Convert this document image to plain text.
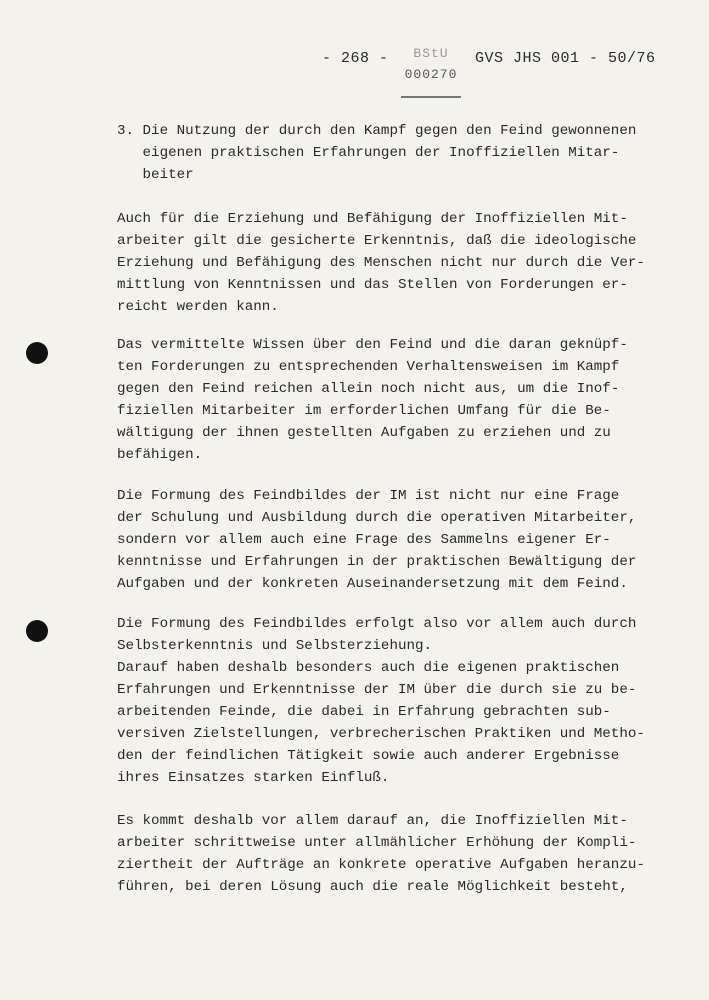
- 268 -	GVS JHS 001 - 50/76
BStU
000270
3. Die Nutzung der durch den Kampf gegen den Feind gewonnenen
eigenen praktischen Erfahrungen der Inoffiziellen Mitar-
beiter
Auch für die Erziehung und Befähigung der Inoffiziellen Mit-
arbeiter gilt die gesicherte Erkenntnis, daß die ideologische
Erziehung und Befähigung des Menschen nicht nur durch die Ver-
mittlung von Kenntnissen und das Stellen von Forderungen er-
reicht werden kann.
Das vermittelte Wissen über den Feind und die daran geknüpf-
ten Forderungen zu entsprechenden Verhaltensweisen im Kampf
gegen den Feind reichen allein noch nicht aus, um die Inof-
fiziellen Mitarbeiter im erforderlichen Umfang für die Be-
wältigung der ihnen gestellten Aufgaben zu erziehen und zu
befähigen.
Die Formung des Feindbildes der IM ist nicht nur eine Frage
der Schulung und Ausbildung durch die operativen Mitarbeiter,
sondern vor allem auch eine Frage des Sammelns eigener Er-
kenntnisse und Erfahrungen in der praktischen Bewältigung der
Aufgaben und der konkreten Auseinandersetzung mit dem Feind.
Die Formung des Feindbildes erfolgt also vor allem auch durch
Selbsterkenntnis und Selbsterziehung.
Darauf haben deshalb besonders auch die eigenen praktischen
Erfahrungen und Erkenntnisse der IM über die durch sie zu be-
arbeitenden Feinde, die dabei in Erfahrung gebrachten sub-
versiven Zielstellungen, verbrecherischen Praktiken und Metho-
den der feindlichen Tätigkeit sowie auch anderer Ergebnisse
ihres Einsatzes starken Einfluß.
Es kommt deshalb vor allem darauf an, die Inoffiziellen Mit-
arbeiter schrittweise unter allmählicher Erhöhung der Kompli-
ziertheit der Aufträge an konkrete operative Aufgaben heranzu-
führen, bei deren Lösung auch die reale Möglichkeit besteht,
